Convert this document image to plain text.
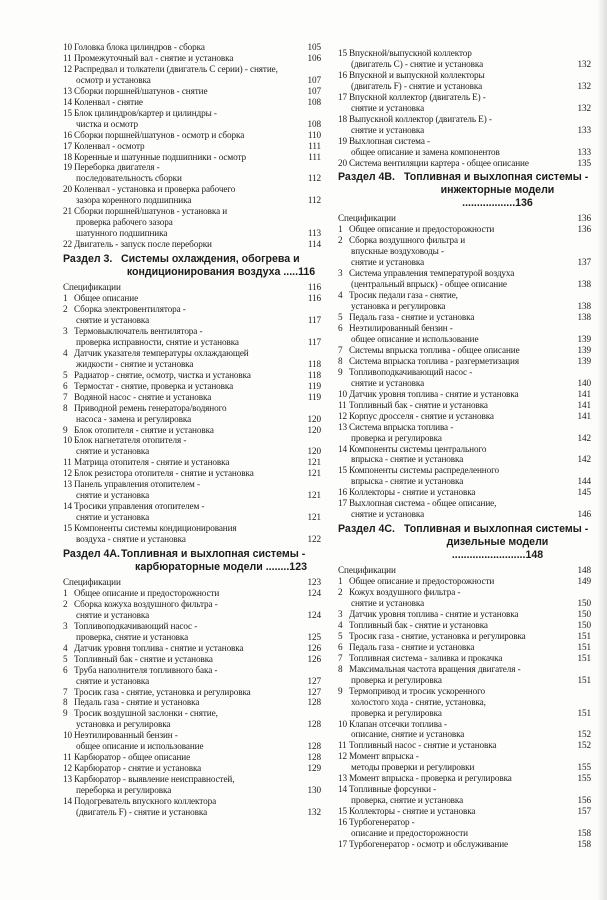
10 Головка блока цилиндров - сборка	105
11 Промежуточный вал - снятие и установка	106
12 Распредвал и толкатели (двигатель C серии) - снятие,
осмотр и установка	107
13 Сборки поршней/шатунов - снятие	107
14 Коленвал - снятие	108
15 Блок цилиндров/картер и цилиндры -
чистка и осмотр	108
16 Сборки поршней/шатунов - осмотр и сборка	110
17 Коленвал - осмотр	111
18 Коренные и шатунные подшипники - осмотр	111
19 Переборка двигателя -
последовательность сборки	112
20 Коленвал - установка и проверка рабочего
зазора коренного подшипника	112
21 Сборки поршней/шатунов - установка и
проверка рабочего зазора
шатунного подшипника	113
22 Двигатель - запуск после переборки	114
Раздел 3. Системы охлаждения, обогрева и
кондиционирования воздуха .....116
Спецификации	116
1 Общее описание	116
2 Сборка электровентилятора -
снятие и установка	117
3 Термовыключатель вентилятора -
проверка исправности, снятие и установка	117
4 Датчик указателя температуры охлаждающей
жидкости - снятие и установка	118
5 Радиатор - снятие, осмотр, чистка и установка	118
6 Термостат - снятие, проверка и установка	119
7 Водяной насос - снятие и установка	119
8 Приводной ремень генератора/водяного
насоса - замена и регулировка	120
9 Блок отопителя - снятие и установка	120
10 Блок нагнетателя отопителя -
снятие и установка	120
11 Матрица отопителя - снятие и установка	121
12 Блок резистора отопителя - снятие и установка	121
13 Панель управления отопителем -
снятие и установка	121
14 Тросики управления отопителем -
снятие и установка	121
15 Компоненты системы кондиционирования
воздуха - снятие и установка	122
Раздел 4А. Топливная и выхлопная системы -
карбюраторные модели ........123
Спецификации	123
1 Общее описание и предосторожности	124
2 Сборка кожуха воздушного фильтра -
снятие и установка	124
3 Топливоподкачивающий насос -
проверка, снятие и установка	125
4 Датчик уровня топлива - снятие и установка	126
5 Топливный бак - снятие и установка	126
6 Труба наполнителя топливного бака -
снятие и установка	127
7 Тросик газа - снятие, установка и регулировка	127
8 Педаль газа - снятие и установка	128
9 Тросик воздушной заслонки - снятие,
установка и регулировка	128
10 Неэтилированный бензин -
общее описание и использование	128
11 Карбюратор - общее описание	128
12 Карбюратор - снятие и установка	129
13 Карбюратор - выявление неисправностей,
переборка и регулировка	130
14 Подогреватель впускного коллектора
(двигатель F) - снятие и установка	132
15 Впускной/выпускной коллектор
(двигатель C) - снятие и установка	132
16 Впускной и выпускной коллекторы
(двигатель F) - снятие и установка	132
17 Впускной коллектор (двигатель E) -
снятие и установка	132
18 Выпускной коллектор (двигатель E) -
снятие и установка	133
19 Выхлопная система -
общее описание и замена компонентов	133
20 Система вентиляции картера - общее описание	135
Раздел 4В. Топливная и выхлопная системы -
инжекторные модели ..................136
Спецификации	136
1 Общее описание и предосторожности	136
2 Сборка воздушного фильтра и
впускные воздуховоды -
снятие и установка	137
3 Система управления температурой воздуха
(центральный впрыск) - общее описание	138
4 Тросик педали газа - снятие,
установка и регулировка	138
5 Педаль газа - снятие и установка	138
6 Неэтилированный бензин -
общее описание и использование	139
7 Системы впрыска топлива - общее описание	139
8 Система впрыска топлива - разгерметизация	139
9 Топливоподкачивающий насос -
снятие и установка	140
10 Датчик уровня топлива - снятие и установка	141
11 Топливный бак - снятие и установка	141
12 Корпус дросселя - снятие и установка	141
13 Система впрыска топлива -
проверка и регулировка	142
14 Компоненты системы центрального
впрыска - снятие и установка	142
15 Компоненты системы распределенного
впрыска - снятие и установка	144
16 Коллекторы - снятие и установка	145
17 Выхлопная система - общее описание,
снятие и установка	146
Раздел 4С. Топливная и выхлопная системы -
дизельные модели .........................148
Спецификации	148
1 Общее описание и предосторожности	149
2 Кожух воздушного фильтра -
снятие и установка	150
3 Датчик уровня топлива - снятие и установка	150
4 Топливный бак - снятие и установка	150
5 Тросик газа - снятие, установка и регулировка	151
6 Педаль газа - снятие и установка	151
7 Топливная система - заливка и прокачка	151
8 Максимальная частота вращения двигателя -
проверка и регулировка	151
9 Термопривод и тросик ускоренного
холостого хода - снятие, установка,
проверка и регулировка	151
10 Клапан отсечки топлива -
описание, снятие и установка	152
11 Топливный насос - снятие и установка	152
12 Момент впрыска -
методы проверки и регулировки	155
13 Момент впрыска - проверка и регулировка	155
14 Топливные форсунки -
проверка, снятие и установка	156
15 Коллекторы - снятие и установка	157
16 Турбогенератор -
описание и предосторожности	158
17 Турбогенератор - осмотр и обслуживание	158
